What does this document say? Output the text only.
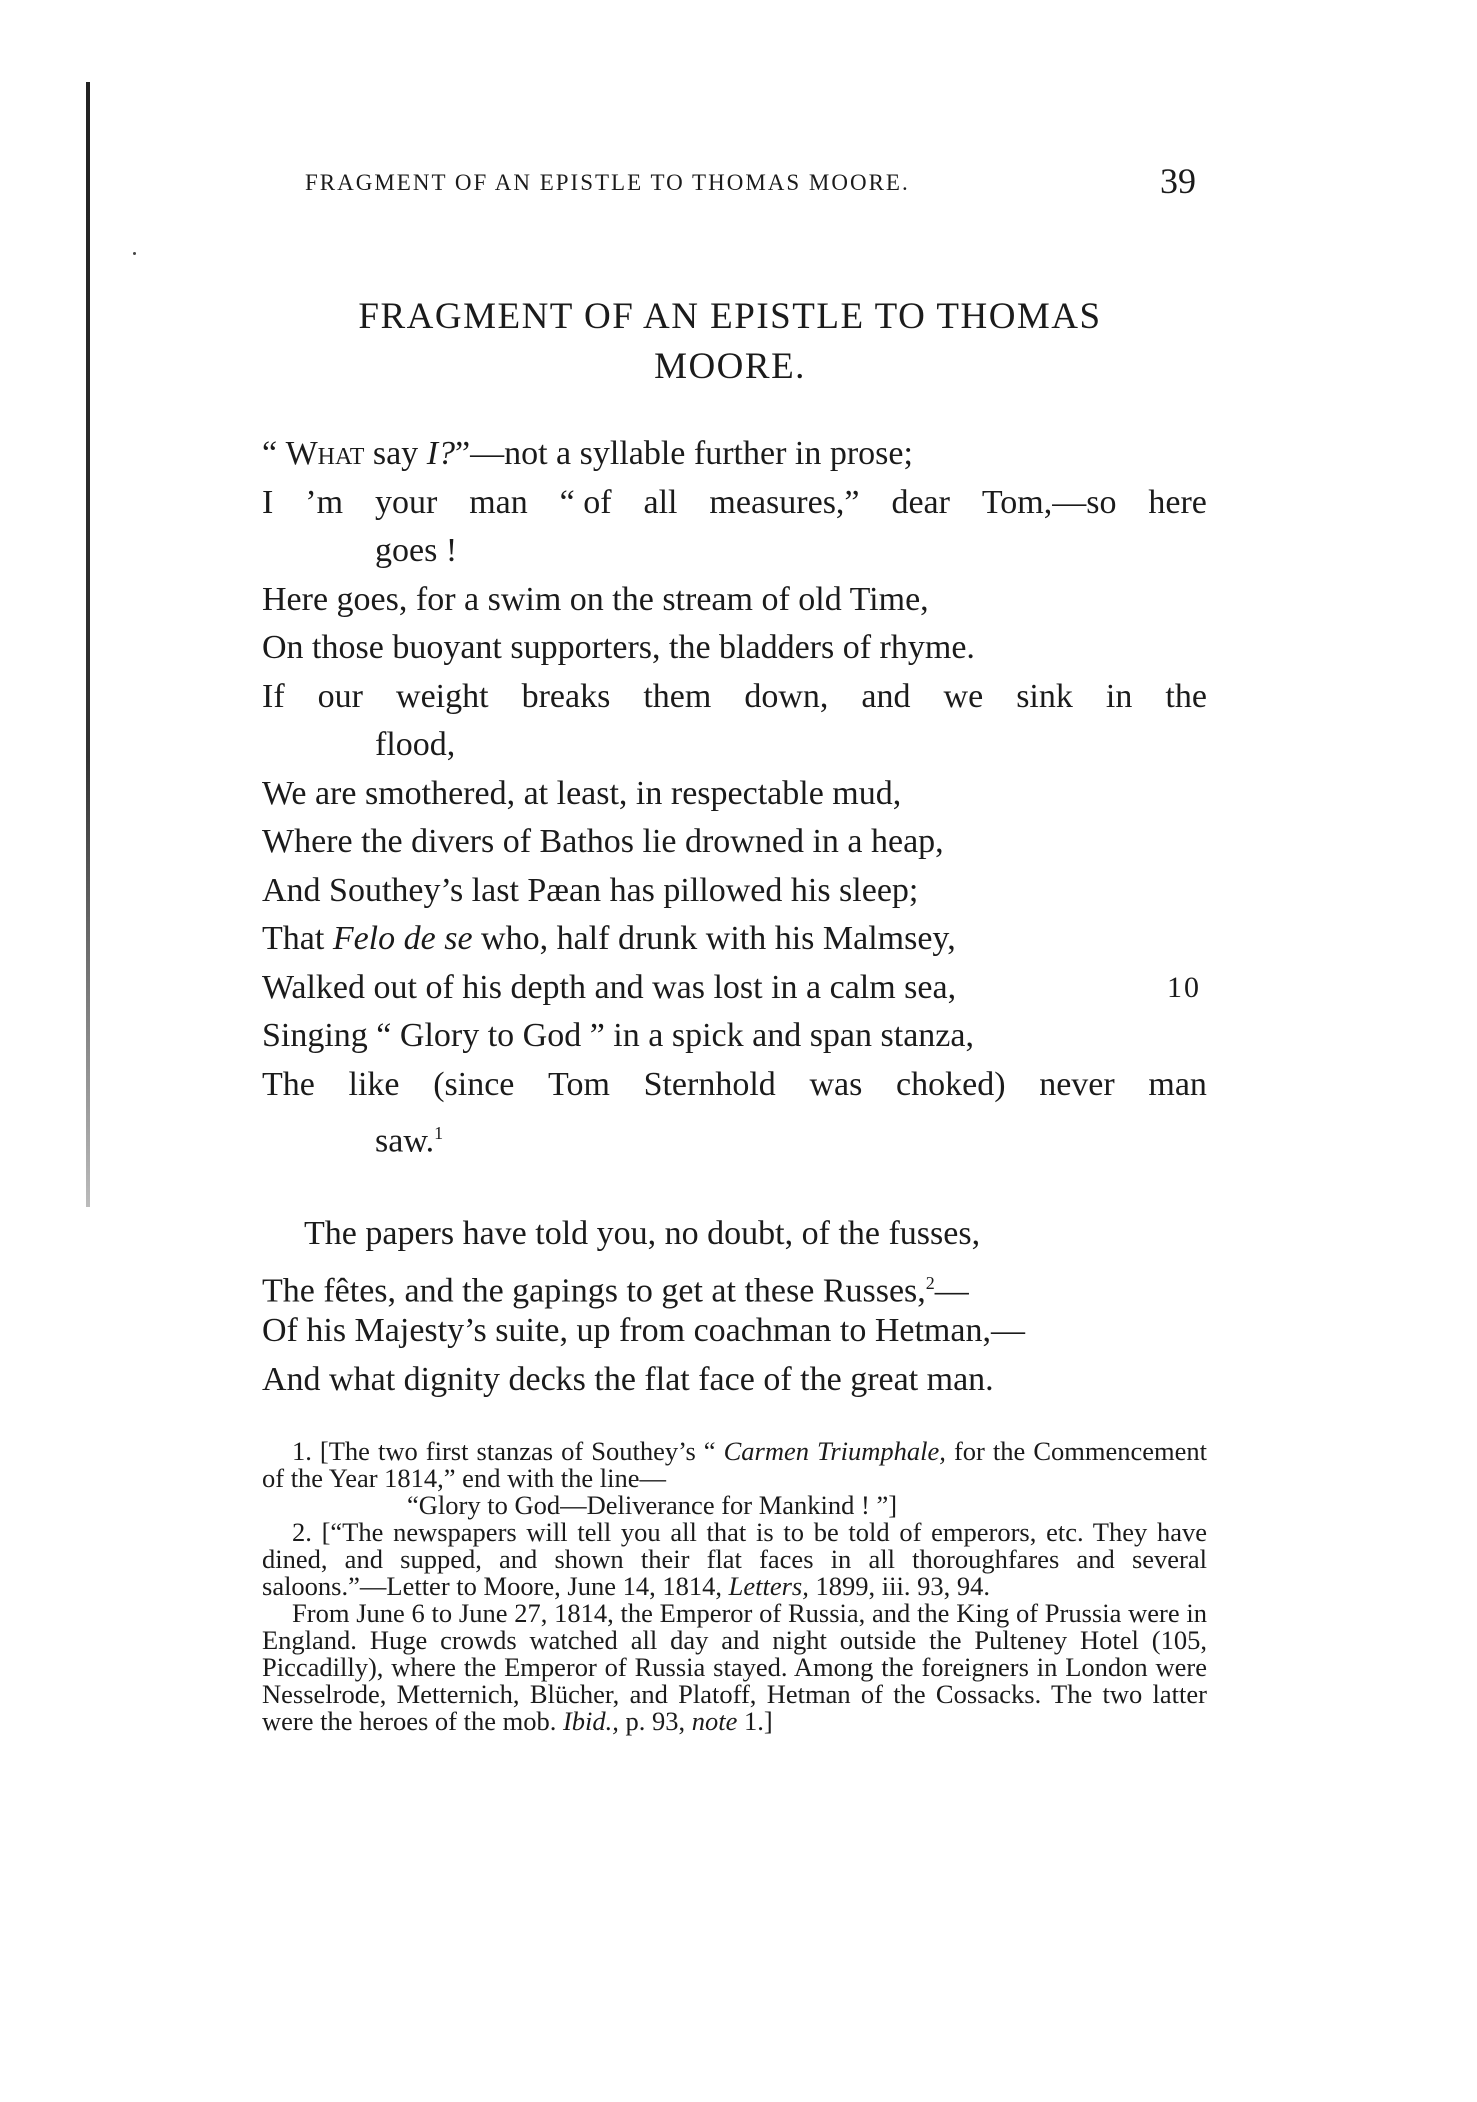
FRAGMENT OF AN EPISTLE TO THOMAS MOORE.	39
FRAGMENT OF AN EPISTLE TO THOMAS
MOORE.
“ What say I?”—not a syllable further in prose;
I ’m your man “ of all measures,” dear Tom,—so here
goes !
Here goes, for a swim on the stream of old Time,
On those buoyant supporters, the bladders of rhyme.
If our weight breaks them down, and we sink in the
flood,
We are smothered, at least, in respectable mud,
Where the divers of Bathos lie drowned in a heap,
And Southey’s last Pæan has pillowed his sleep;
That Felo de se who, half drunk with his Malmsey,
Walked out of his depth and was lost in a calm sea,	10
Singing “ Glory to God ” in a spick and span stanza,
The like (since Tom Sternhold was choked) never man
saw.$^1$
The papers have told you, no doubt, of the fusses,
The fêtes, and the gapings to get at these Russes,$^2$—
Of his Majesty’s suite, up from coachman to Hetman,—
And what dignity decks the flat face of the great man.

1. [The two first stanzas of Southey’s “ Carmen Triumphale, for the Commencement of the Year 1814,” end with the line—

“Glory to God—Deliverance for Mankind ! ”]

2. [“The newspapers will tell you all that is to be told of emperors, etc. They have dined, and supped, and shown their flat faces in all thoroughfares and several saloons.”—Letter to Moore, June 14, 1814, Letters, 1899, iii. 93, 94.

From June 6 to June 27, 1814, the Emperor of Russia, and the King of Prussia were in England. Huge crowds watched all day and night outside the Pulteney Hotel (105, Piccadilly), where the Emperor of Russia stayed. Among the foreigners in London were Nesselrode, Metternich, Blücher, and Platoff, Hetman of the Cossacks. The two latter were the heroes of the mob. Ibid., p. 93, note 1.]
